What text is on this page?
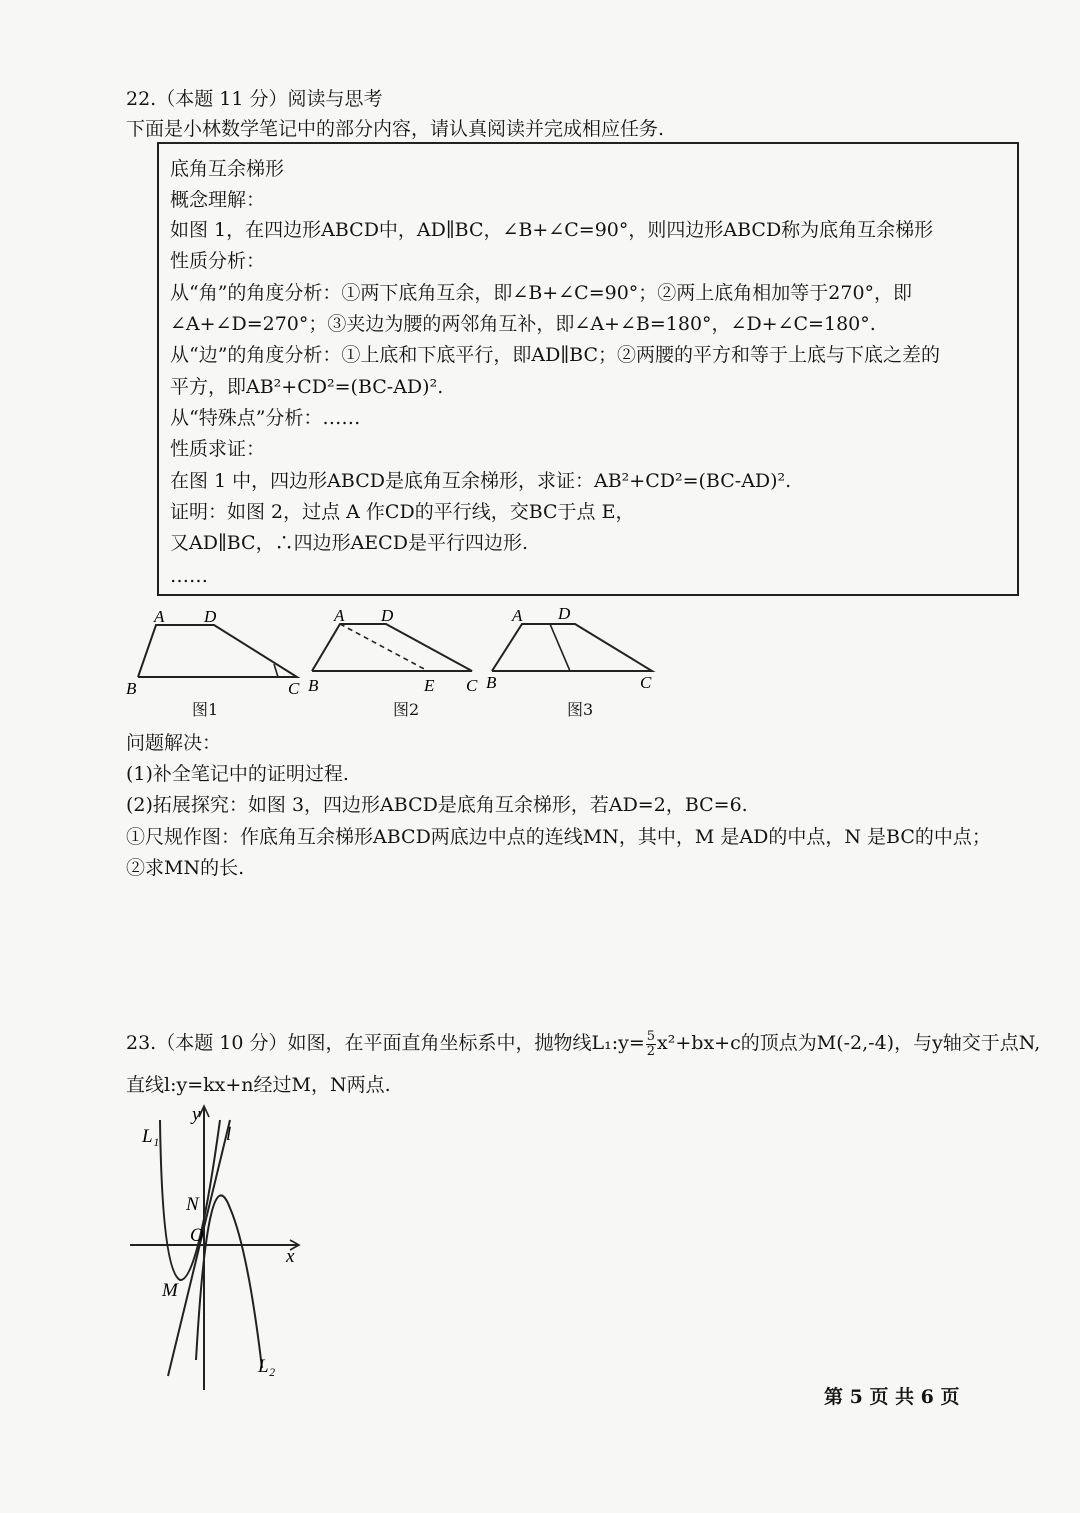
22.（本题 11 分）阅读与思考
下面是小林数学笔记中的部分内容，请认真阅读并完成相应任务.
底角互余梯形
概念理解：
如图 1，在四边形ABCD中，AD∥BC，∠B+∠C=90°，则四边形ABCD称为底角互余梯形
性质分析：
从“角”的角度分析：①两下底角互余，即∠B+∠C=90°；②两上底角相加等于270°，即
∠A+∠D=270°；③夹边为腰的两邻角互补，即∠A+∠B=180°，∠D+∠C=180°.
从“边”的角度分析：①上底和下底平行，即AD∥BC；②两腰的平方和等于上底与下底之差的
平方，即AB²+CD²=(BC-AD)².
从“特殊点”分析：……
性质求证：
在图 1 中，四边形ABCD是底角互余梯形，求证：AB²+CD²=(BC-AD)².
证明：如图 2，过点 A 作CD的平行线，交BC于点 E，
又AD∥BC，∴四边形AECD是平行四边形.
……
A D
B	C
图1
A D
B	E C
图2
A D
B	C
图3
问题解决：
(1)补全笔记中的证明过程.
(2)拓展探究：如图 3，四边形ABCD是底角互余梯形，若AD=2，BC=6.
①尺规作图：作底角互余梯形ABCD两底边中点的连线MN，其中，M 是AD的中点，N 是BC的中点；
②求MN的长.
23.（本题 10 分）如图，在平面直角坐标系中，抛物线L₁:y= $\frac{5}{2} x^2+bx+c$的顶点为M(-2,-4)，与y轴交于点N,
直线l:y=kx+n经过M，N两点.
L₁
y
l
N
O
x
M
L₂
第 5 页 共 6 页
